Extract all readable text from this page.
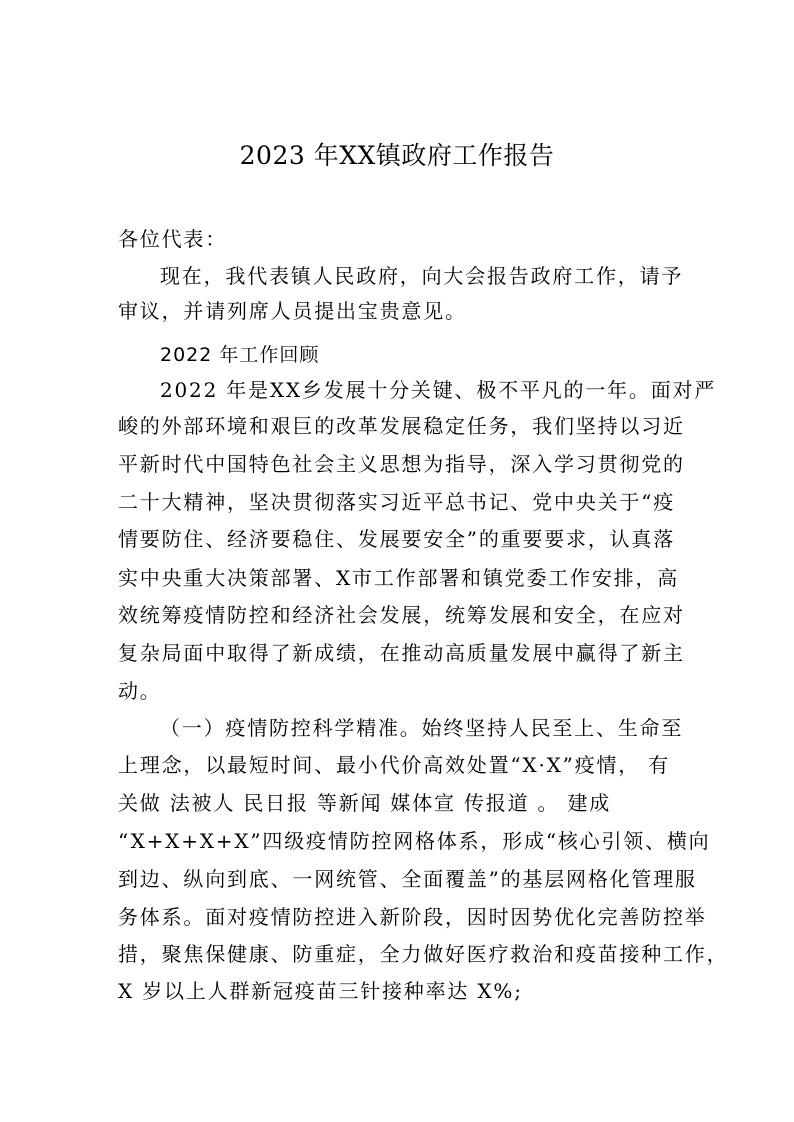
2023 年XX镇政府工作报告
各位代表：
现在，我代表镇人民政府，向大会报告政府工作，请予
审议，并请列席人员提出宝贵意见。
2022 年工作回顾
2022 年是XX乡发展十分关键、极不平凡的一年。面对严
峻的外部环境和艰巨的改革发展稳定任务，我们坚持以习近
平新时代中国特色社会主义思想为指导，深入学习贯彻党的
二十大精神，坚决贯彻落实习近平总书记、党中央关于“疫
情要防住、经济要稳住、发展要安全”的重要要求，认真落
实中央重大决策部署、X市工作部署和镇党委工作安排，高
效统筹疫情防控和经济社会发展，统筹发展和安全，在应对
复杂局面中取得了新成绩，在推动高质量发展中赢得了新主
动。
（一）疫情防控科学精准。始终坚持人民至上、生命至
上理念，以最短时间、最小代价高效处置“X·X”疫情， 有
关做 法被人 民日报 等新闻 媒体宣 传报道 。 建成
“X+X+X+X”四级疫情防控网格体系，形成“核心引领、横向
到边、纵向到底、一网统管、全面覆盖”的基层网格化管理服
务体系。面对疫情防控进入新阶段，因时因势优化完善防控举
措，聚焦保健康、防重症，全力做好医疗救治和疫苗接种工作，
X 岁以上人群新冠疫苗三针接种率达 X%;
